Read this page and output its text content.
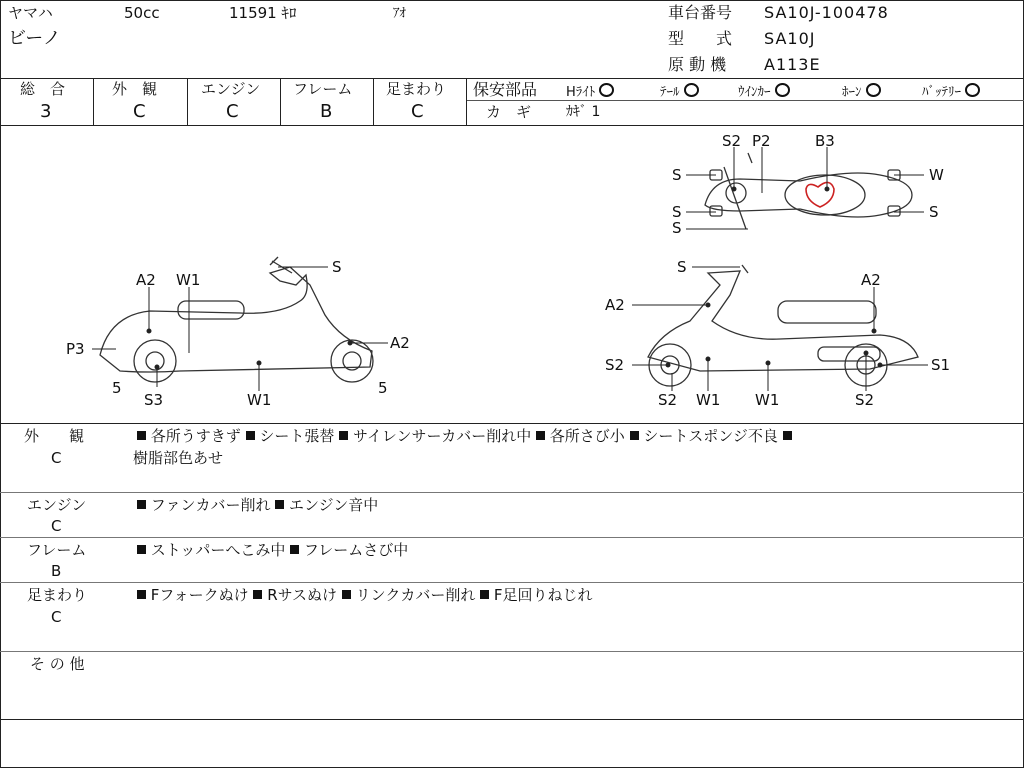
ヤマハ	50cc	11591 ｷﾛ	ｱｵ
ビーノ
車台番号 SA10J-100478
型　　式 SA10J
原 動 機 A113E
総　合
3
外　観
C
エンジン
C
フレーム
B
足まわり
C
保安部品 Hﾗｲﾄ	ﾃｰﾙ	ｳｲﾝｶｰ	ﾎｰﾝ	ﾊﾞｯﾃﾘｰ
カ　ギ ｶｷﾞ 1
S2 P2	B3
S
S
S
W
S
A2 W1
S
P3	A2
5
S3	W1
5
S
A2
A2
S2	S1
S2 W1 W1	S2
外　　観
C
各所うすきず シート張替 サイレンサーカバー削れ中 各所さび小 シートスポンジ不良
樹脂部色あせ
エンジン
C
ファンカバー削れ エンジン音中
フレーム
B
ストッパーへこみ中 フレームさび中
足まわり
C
Fフォークぬけ Rサスぬけ リンクカバー削れ F足回りねじれ
そ の 他
